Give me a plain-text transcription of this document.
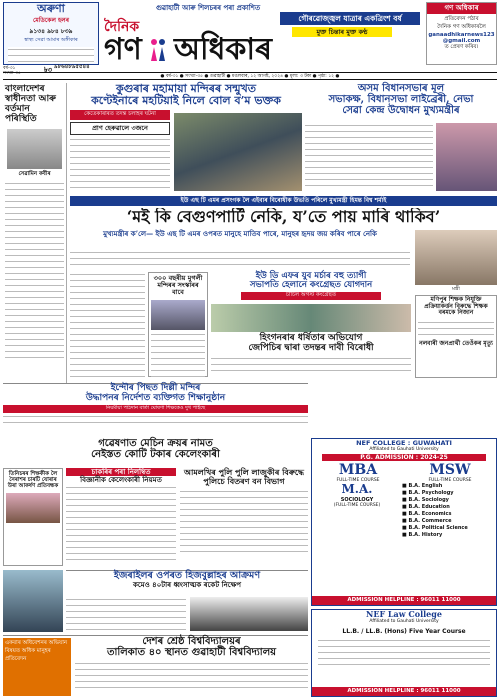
অৰুণা
মেডিকেল হলৰ
৯১৩৪ ৯৮৪ ৮৩৯
স্বাস্থ্য সেৱা আমাৰ অঙ্গীকাৰ
বৰ্ষ-৩১
সংখ্যা-৩৫	৳৩
গুৱাহাটী আৰু শিলচৰৰ পৰা প্ৰকাশিত
গৌৰৱোজ্জ্বল যাত্ৰাৰ একত্ৰিংশ বৰ্ষ
দৈনিক
গণ অধিকাৰ	মুক্ত চিন্তাৰ মুক্ত কণ্ঠ
গণ অধিকাৰ
প্ৰতিবেদন পঠাব
দৈনিক গণ অধিকাৰলৈ
ganaadhikarnews123
@gmail.com
ত প্ৰেৰণ কৰিব।
৯৮৬৪৮৯৫৫৪৪
● বৰ্ষ-৩১ ● সংখ্যা-৩৫ ● গুৱাহাটী ● মঙলবাৰ, ১২ আগষ্ট, ২০২৪ ● মূল্য: ৩ টকা ● পৃষ্ঠা: ১২ ●
বাংলাদেশৰ স্বাধীনতা আৰু বৰ্তমান পৰিস্থিতি
সেৱামিন কবীৰ
কুগুৰাৰ মহামায়া মন্দিৰৰ সন্মুখত
কণ্টেইনাৰে মহটিয়াই নিলে বোল ব’ম ভক্তক
কেতেকাৰাৰত তদন্ত চলাহৰ ঘটনা
প্ৰাণ হেৰুৱালে ৩জনে
অসম বিধানসভাৰ মূল
সভাকক্ষ, বিধানসভা লাইব্ৰেৰী, নেভা
সেৱা কেন্দ্ৰ উদ্বোধন মুখ্যমন্ত্ৰীৰ
ইউ এছ টি এমৰ প্ৰসংগক লৈ এইবাৰ বিৰোধীক উভতি পৰিলে মুখ্যমন্ত্ৰী হিমন্ত বিশ্ব শৰ্মাই
‘মই কি বেগুণপাৰ্টি নেকি, য’তে পায় মাৰি থাকিব’
মুখ্যমন্ত্ৰীৰ ক’লে— ইউ এছ টি এমৰ ওপৰত মানুহে মাতিব পাৰে, মানুহৰ হৃদয় জয় কৰিব পাৰে নেকি
মন্ত্ৰী
৩০০ বছৰীয় মুগলী মন্দিৰৰ সংস্কাৰৰ বাবে
ইউ ডি এফৰ যুব মৰ্চাৰ বহু ত্যাগী
সভাপতি হেলানে কংগ্ৰেছত যোগদান
চাৰ্চিল অগস্ট কংগ্ৰেছত
হিংগনৰাৰ ধৰ্ষিতাৰ অভিযোগ
জেপিচিৰ দ্বাৰা তদন্তৰ দাবী বিৰোধী
মণিপুৰ শিক্ষক নিযুক্তি প্ৰক্ৰিয়াকৰ্ত্তন বিৰুদ্ধে শিক্ষক বৰমকে নিজান
নলবাৰী জনপ্ৰাৰ্থী তেওঁকৰ মৃত্যু
ইন্দৌৰ পিছত দিল্লী মন্দিৰ
উদ্ধাপনৰ নিৰ্দেশত ব্যক্তিগত শিক্ষানুষ্ঠান
নিয়মীয়া পাঠদান বাৰ্তা ঘোষণা শিক্ষকেও দুখ পাইছে
গৱেষণাত মেচিন ক্ৰয়ৰ নামত
নেইস্তত কোটি টকাৰ কেলেংকাৰী
তিনিচৰৰ শিক্ষকীক লৈ নৈৰাশৰ চাৰটি যোৰাৰ উৰা আকৰ্ষণ প্ৰতিবন্ধক
চাকৰিৰ পৰা নিলম্বিত
বিজ্ঞানীক কেলেংকাৰী নিয়মত
আমলখিৰ পুলি পুলি লাজুকীৰ বিৰুদ্ধে
পুলিচে বিতৰণ বন বিভাগ
ইজৰাইলৰ ওপৰত হিজবুল্লাহৰ আক্ৰমণ
কমেও ৪০টাৰ ধ্বংসাত্মক ৰকেট নিক্ষেপ
একবাৰ অধিবেশনৰ অভিযান বিষয়ত অধিক মানুহৰ প্ৰতিবেদন
দেশৰ শ্ৰেষ্ঠ বিশ্ববিদ্যালয়ৰ
তালিকাত ৪০ স্থানত গুৱাহাটী বিশ্ববিদ্যালয়
NEF COLLEGE : GUWAHATI
Affiliated to Gauhati University
P.G. ADMISSION : 2024-25
MBA
FULL-TIME COURSE
MSW
FULL-TIME COURSE
M.A.
SOCIOLOGY
(FULL-TIME COURSE)
■ B.A. English
■ B.A. Psychology
■ B.A. Sociology
■ B.A. Education
■ B.A. Economics
■ B.A. Commerce
■ B.A. Political Science
■ B.A. History
ADMISSION HELPLINE : 96011 11000
NEF Law College
Affiliated to Gauhati University
LL.B. / LL.B. (Hons) Five Year Course
ADMISSION HELPLINE : 96011 11000
